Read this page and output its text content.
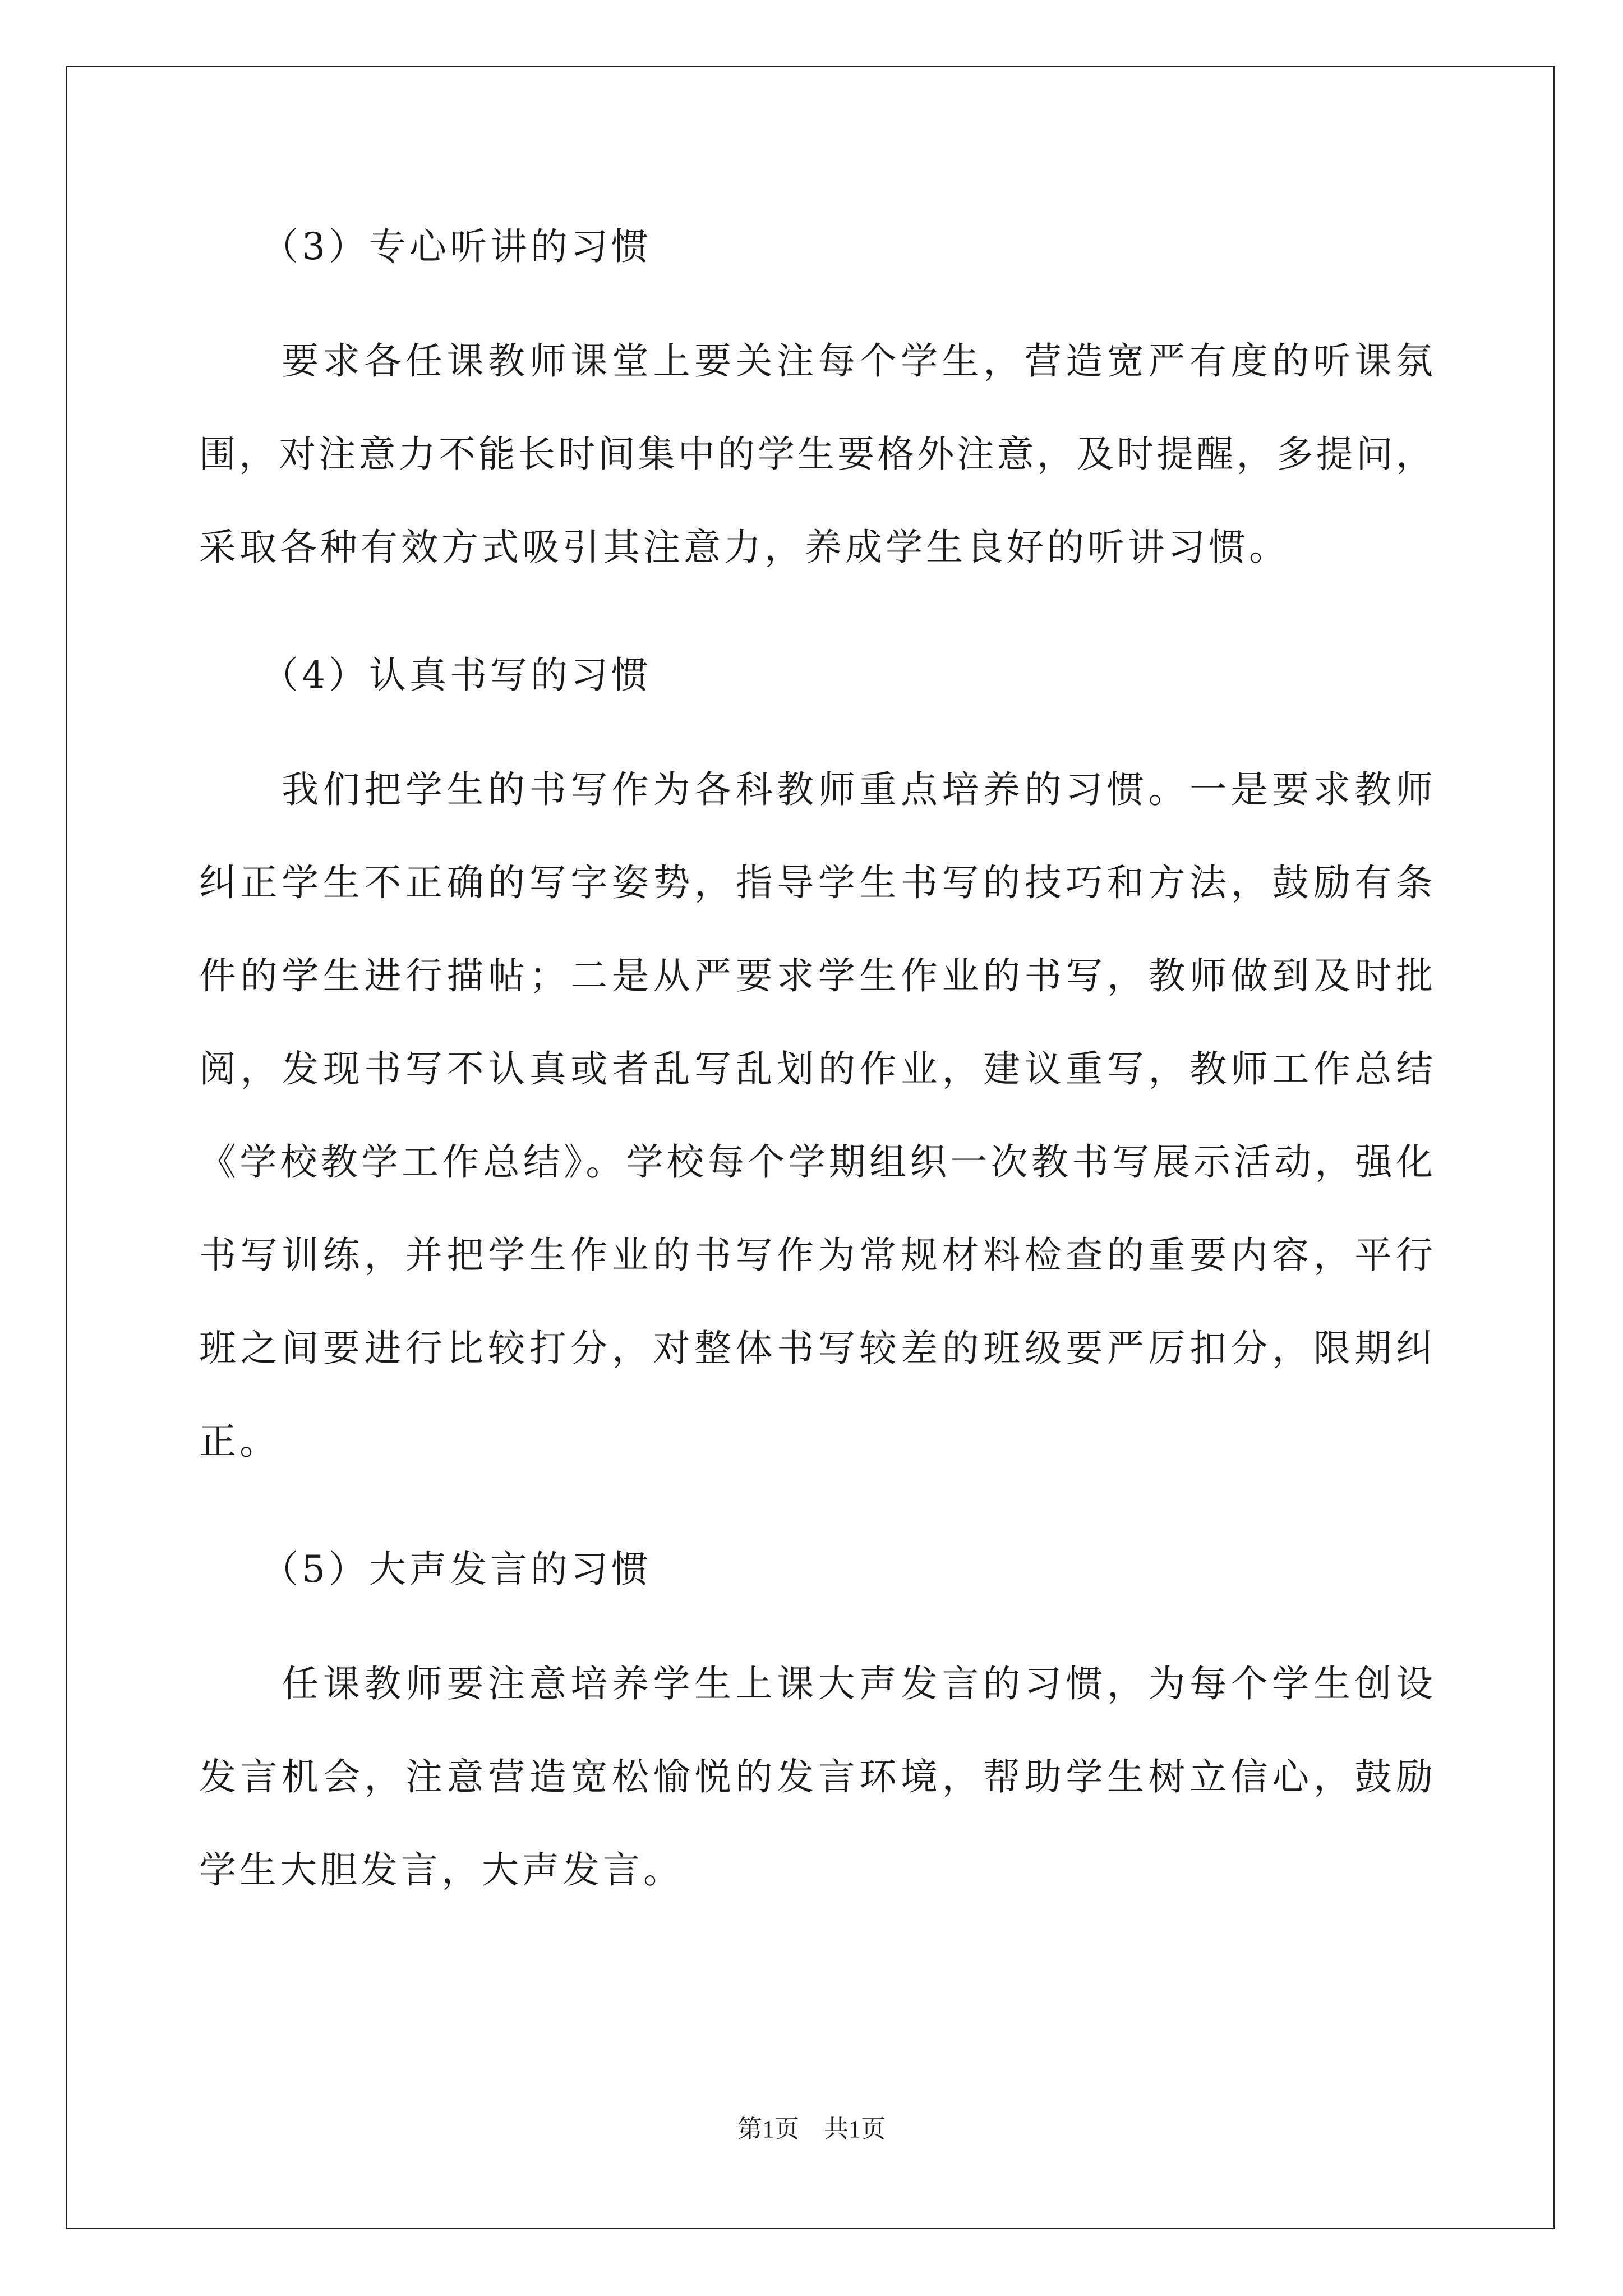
　　（3）专心听讲的习惯
　　要求各任课教师课堂上要关注每个学生，营造宽严有度的听课氛
围，对注意力不能长时间集中的学生要格外注意，及时提醒，多提问，
采取各种有效方式吸引其注意力，养成学生良好的听讲习惯。
　　（4）认真书写的习惯
　　我们把学生的书写作为各科教师重点培养的习惯。一是要求教师
纠正学生不正确的写字姿势，指导学生书写的技巧和方法，鼓励有条
件的学生进行描帖；二是从严要求学生作业的书写，教师做到及时批
阅，发现书写不认真或者乱写乱划的作业，建议重写，教师工作总结
《学校教学工作总结》。学校每个学期组织一次教书写展示活动，强化
书写训练，并把学生作业的书写作为常规材料检查的重要内容，平行
班之间要进行比较打分，对整体书写较差的班级要严厉扣分，限期纠
正。
　　（5）大声发言的习惯
　　任课教师要注意培养学生上课大声发言的习惯，为每个学生创设
发言机会，注意营造宽松愉悦的发言环境，帮助学生树立信心，鼓励
学生大胆发言，大声发言。
第1页　共1页
